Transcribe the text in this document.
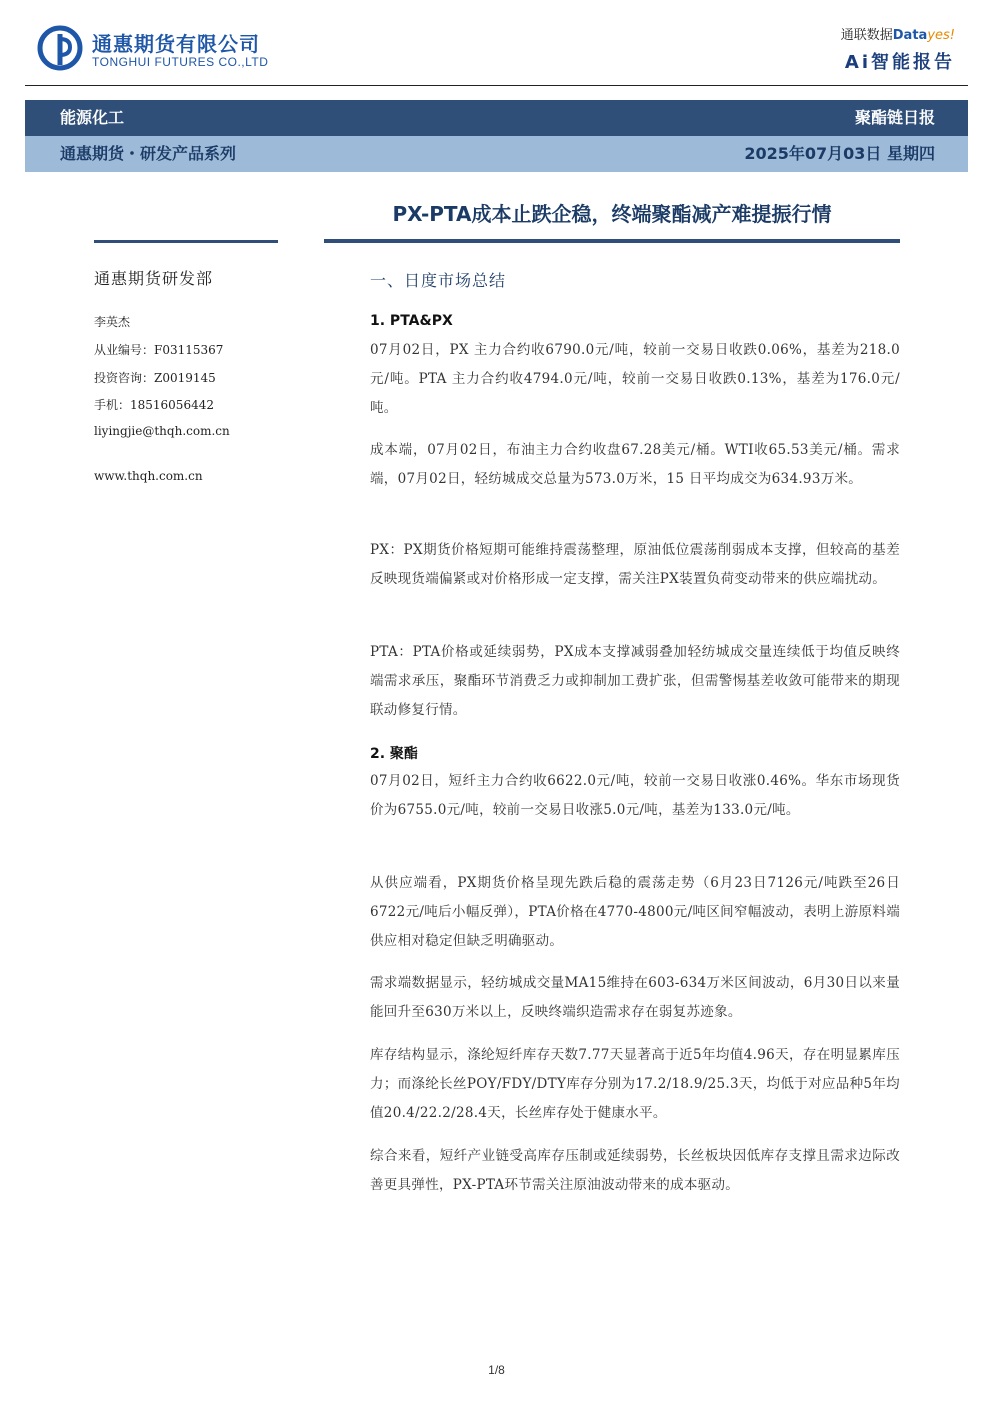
通惠期货有限公司
TONGHUI FUTURES CO.,LTD
通联数据Datayes!
Ai智能报告
能源化工	聚酯链日报
通惠期货・研发产品系列	2025年07月03日 星期四
PX-PTA成本止跌企稳，终端聚酯减产难提振行情
通惠期货研发部
李英杰
从业编号：F03115367
投资咨询：Z0019145
手机：18516056442
liyingjie@thqh.com.cn
www.thqh.com.cn
一、日度市场总结
1. PTA&PX
07月02日，PX 主力合约收6790.0元/吨，较前一交易日收跌0.06%，基差为218.0元/吨。PTA 主力合约收4794.0元/吨，较前一交易日收跌0.13%，基差为176.0元/吨。
成本端，07月02日，布油主力合约收盘67.28美元/桶。WTI收65.53美元/桶。需求端，07月02日，轻纺城成交总量为573.0万米，15 日平均成交为634.93万米。
PX：PX期货价格短期可能维持震荡整理，原油低位震荡削弱成本支撑，但较高的基差反映现货端偏紧或对价格形成一定支撑，需关注PX装置负荷变动带来的供应端扰动。
PTA：PTA价格或延续弱势，PX成本支撑减弱叠加轻纺城成交量连续低于均值反映终端需求承压，聚酯环节消费乏力或抑制加工费扩张，但需警惕基差收敛可能带来的期现联动修复行情。
2. 聚酯
07月02日，短纤主力合约收6622.0元/吨，较前一交易日收涨0.46%。华东市场现货价为6755.0元/吨，较前一交易日收涨5.0元/吨，基差为133.0元/吨。
从供应端看，PX期货价格呈现先跌后稳的震荡走势（6月23日7126元/吨跌至26日6722元/吨后小幅反弹），PTA价格在4770-4800元/吨区间窄幅波动，表明上游原料端供应相对稳定但缺乏明确驱动。
需求端数据显示，轻纺城成交量MA15维持在603-634万米区间波动，6月30日以来量能回升至630万米以上，反映终端织造需求存在弱复苏迹象。
库存结构显示，涤纶短纤库存天数7.77天显著高于近5年均值4.96天，存在明显累库压力；而涤纶长丝POY/FDY/DTY库存分别为17.2/18.9/25.3天，均低于对应品种5年均值20.4/22.2/28.4天，长丝库存处于健康水平。
综合来看，短纤产业链受高库存压制或延续弱势，长丝板块因低库存支撑且需求边际改善更具弹性，PX-PTA环节需关注原油波动带来的成本驱动。
1/8
